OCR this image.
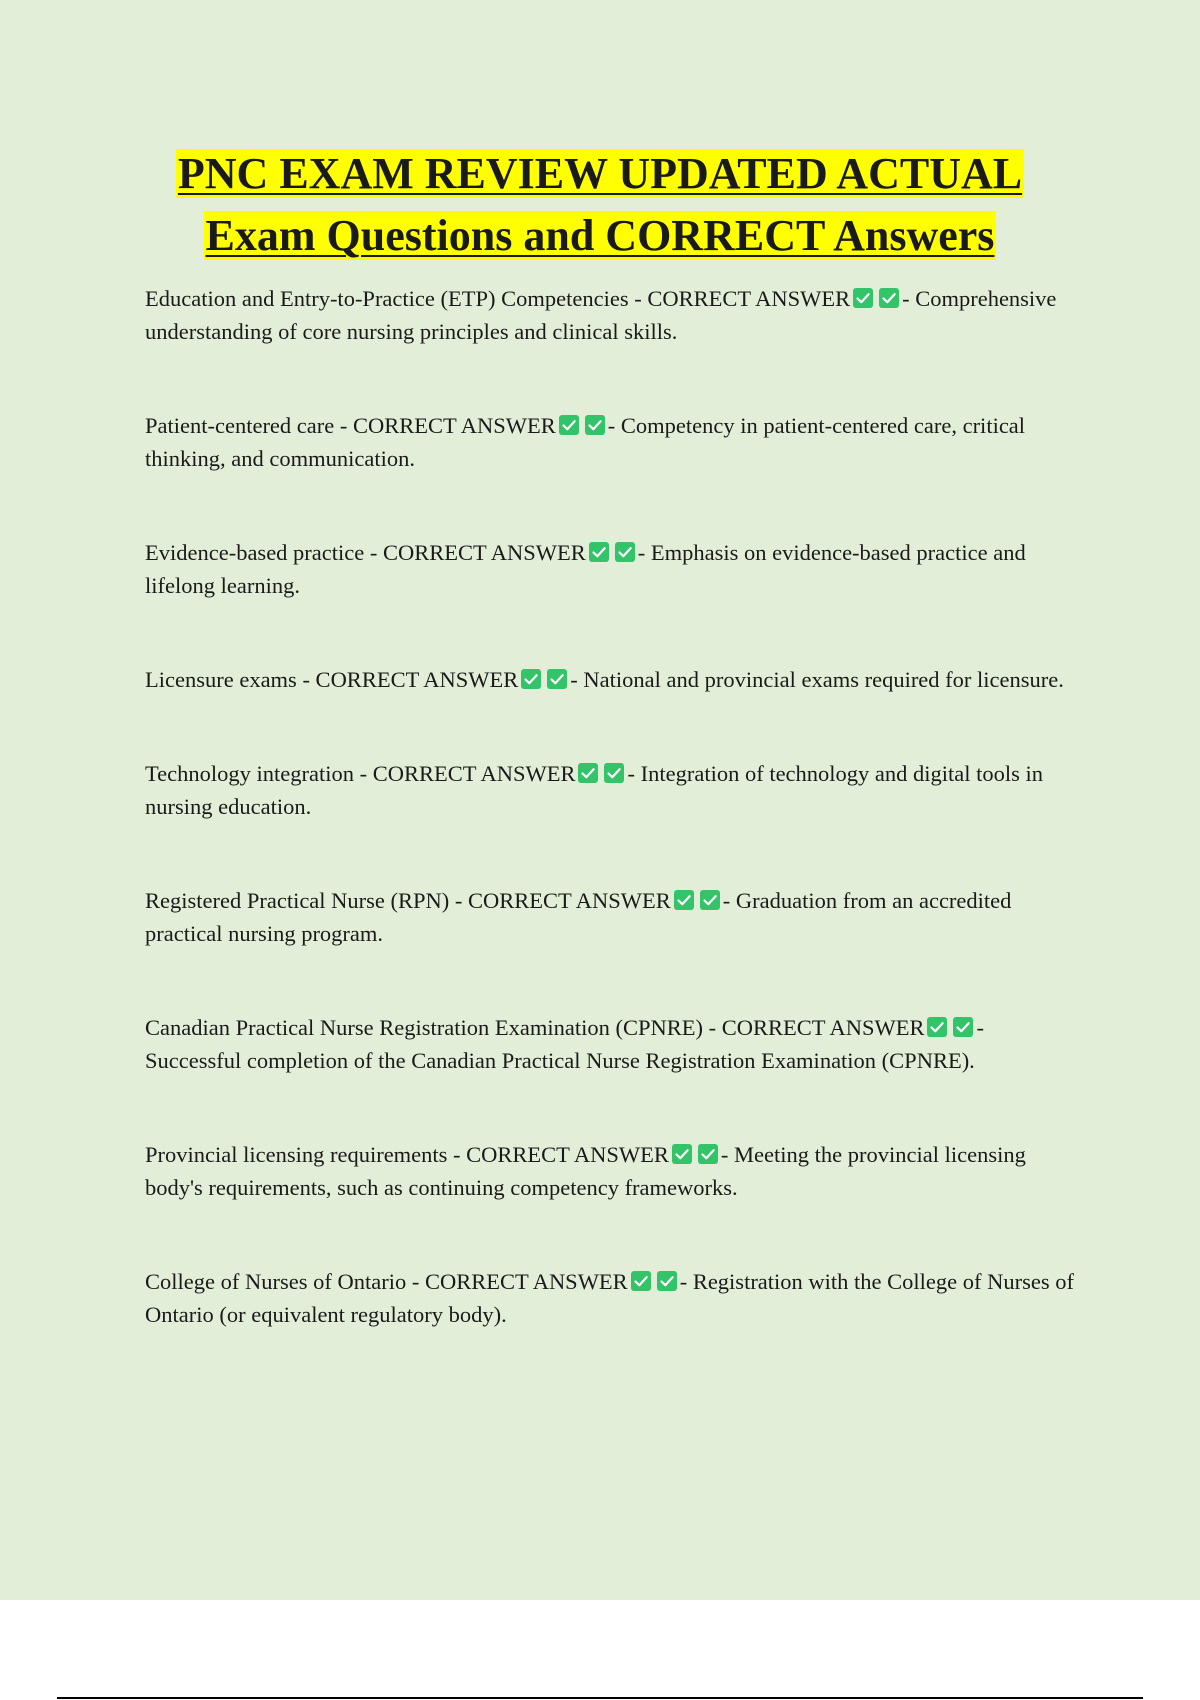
PNC EXAM REVIEW UPDATED ACTUAL
Exam Questions and CORRECT Answers
Education and Entry-to-Practice (ETP) Competencies - CORRECT ANSWER - Comprehensive understanding of core nursing principles and clinical skills.
Patient-centered care - CORRECT ANSWER - Competency in patient-centered care, critical thinking, and communication.
Evidence-based practice - CORRECT ANSWER - Emphasis on evidence-based practice and lifelong learning.
Licensure exams - CORRECT ANSWER - National and provincial exams required for licensure.
Technology integration - CORRECT ANSWER - Integration of technology and digital tools in nursing education.
Registered Practical Nurse (RPN) - CORRECT ANSWER - Graduation from an accredited practical nursing program.
Canadian Practical Nurse Registration Examination (CPNRE) - CORRECT ANSWER - Successful completion of the Canadian Practical Nurse Registration Examination (CPNRE).
Provincial licensing requirements - CORRECT ANSWER - Meeting the provincial licensing body's requirements, such as continuing competency frameworks.
College of Nurses of Ontario - CORRECT ANSWER - Registration with the College of Nurses of Ontario (or equivalent regulatory body).
